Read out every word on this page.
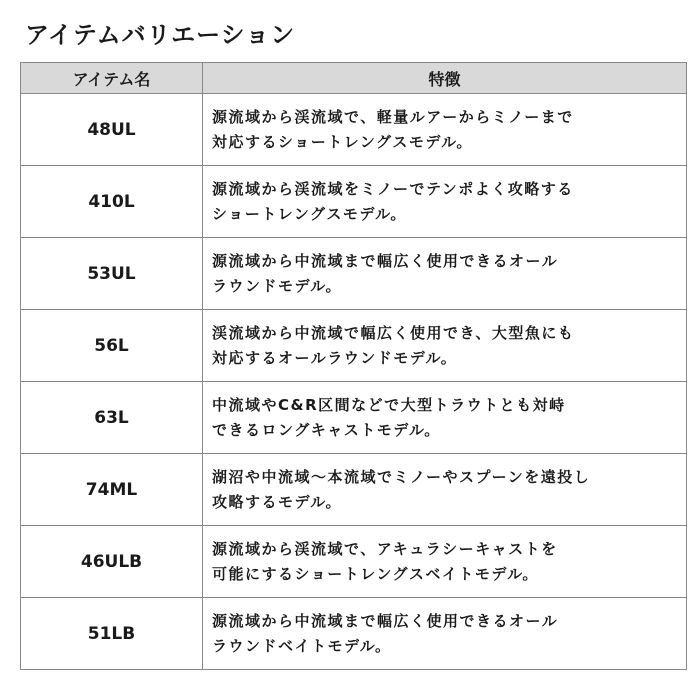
アイテムバリエーション
アイテム名	特徴
48UL	源流域から渓流域で、軽量ルアーからミノーまで
対応するショートレングスモデル。

410L	源流域から渓流域をミノーでテンポよく攻略する
ショートレングスモデル。

53UL	源流域から中流域まで幅広く使用できるオール
ラウンドモデル。

56L	渓流域から中流域で幅広く使用でき、大型魚にも
対応するオールラウンドモデル。

63L	中流域やC&R区間などで大型トラウトとも対峙
できるロングキャストモデル。

74ML	湖沼や中流域～本流域でミノーやスプーンを遠投し
攻略するモデル。

46ULB	源流域から渓流域で、アキュラシーキャストを
可能にするショートレングスベイトモデル。

51LB	源流域から中流域まで幅広く使用できるオール
ラウンドベイトモデル。
